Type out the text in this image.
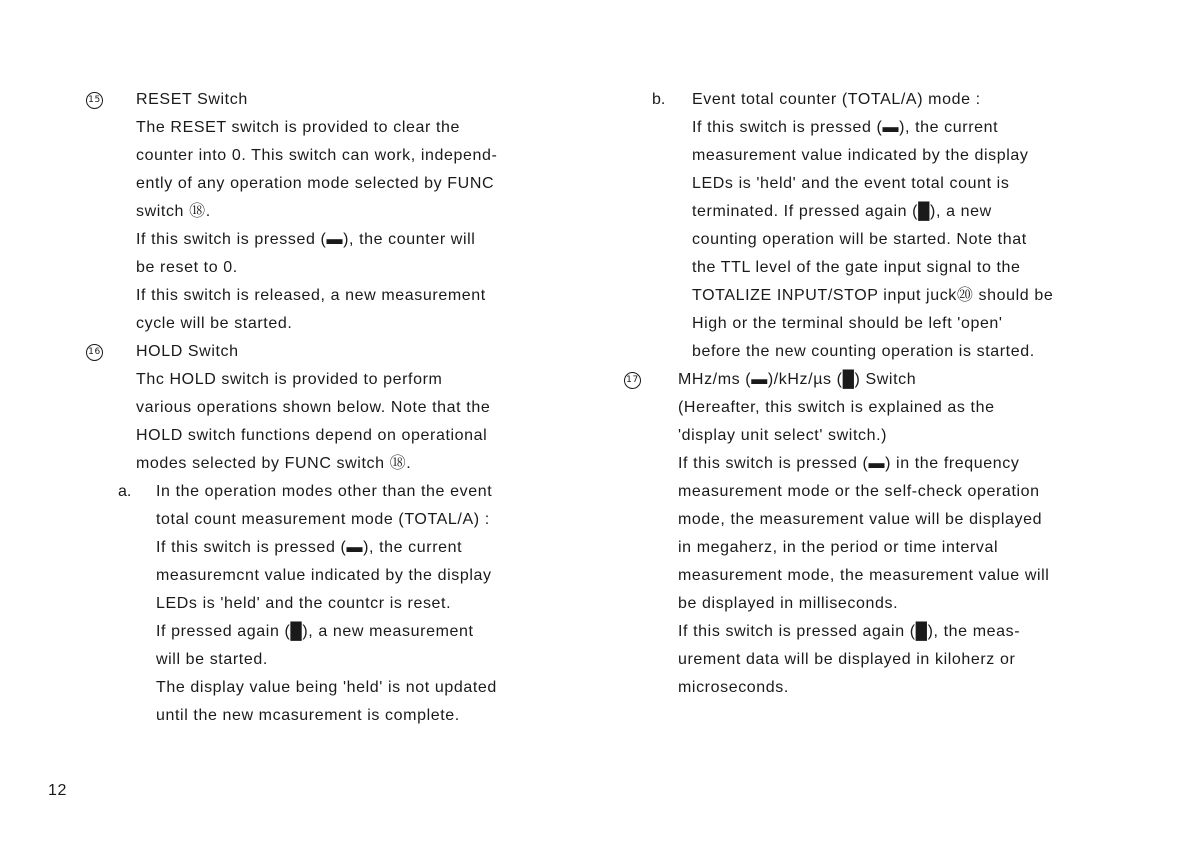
15 RESET Switch
The RESET switch is provided to clear the
counter into 0. This switch can work, independ-
ently of any operation mode selected by FUNC
switch ⑱.
If this switch is pressed (▬), the counter will
be reset to 0.
If this switch is released, a new measurement
cycle will be started.
16 HOLD Switch
Thc HOLD switch is provided to perform
various operations shown below. Note that the
HOLD switch functions depend on operational
modes selected by FUNC switch ⑱.
a. In the operation modes other than the event
total count measurement mode (TOTAL/A) :
If this switch is pressed (▬), the current
measuremcnt value indicated by the display
LEDs is 'held' and the countcr is reset.
If pressed again (█), a new measurement
will be started.
The display value being 'held' is not updated
until the new mcasurement is complete.
b. Event total counter (TOTAL/A) mode :
If this switch is pressed (▬), the current
measurement value indicated by the display
LEDs is 'held' and the event total count is
terminated. If pressed again (█), a new
counting operation will be started. Note that
the TTL level of the gate input signal to the
TOTALIZE INPUT/STOP input juck⑳ should be
High or the terminal should be left 'open'
before the new counting operation is started.
17 MHz/ms (▬)/kHz/µs (█) Switch
(Hereafter, this switch is explained as the
'display unit select' switch.)
If this switch is pressed (▬) in the frequency
measurement mode or the self-check operation
mode, the measurement value will be displayed
in megaherz, in the period or time interval
measurement mode, the measurement value will
be displayed in milliseconds.
If this switch is pressed again (█), the meas-
urement data will be displayed in kiloherz or
microseconds.
12
